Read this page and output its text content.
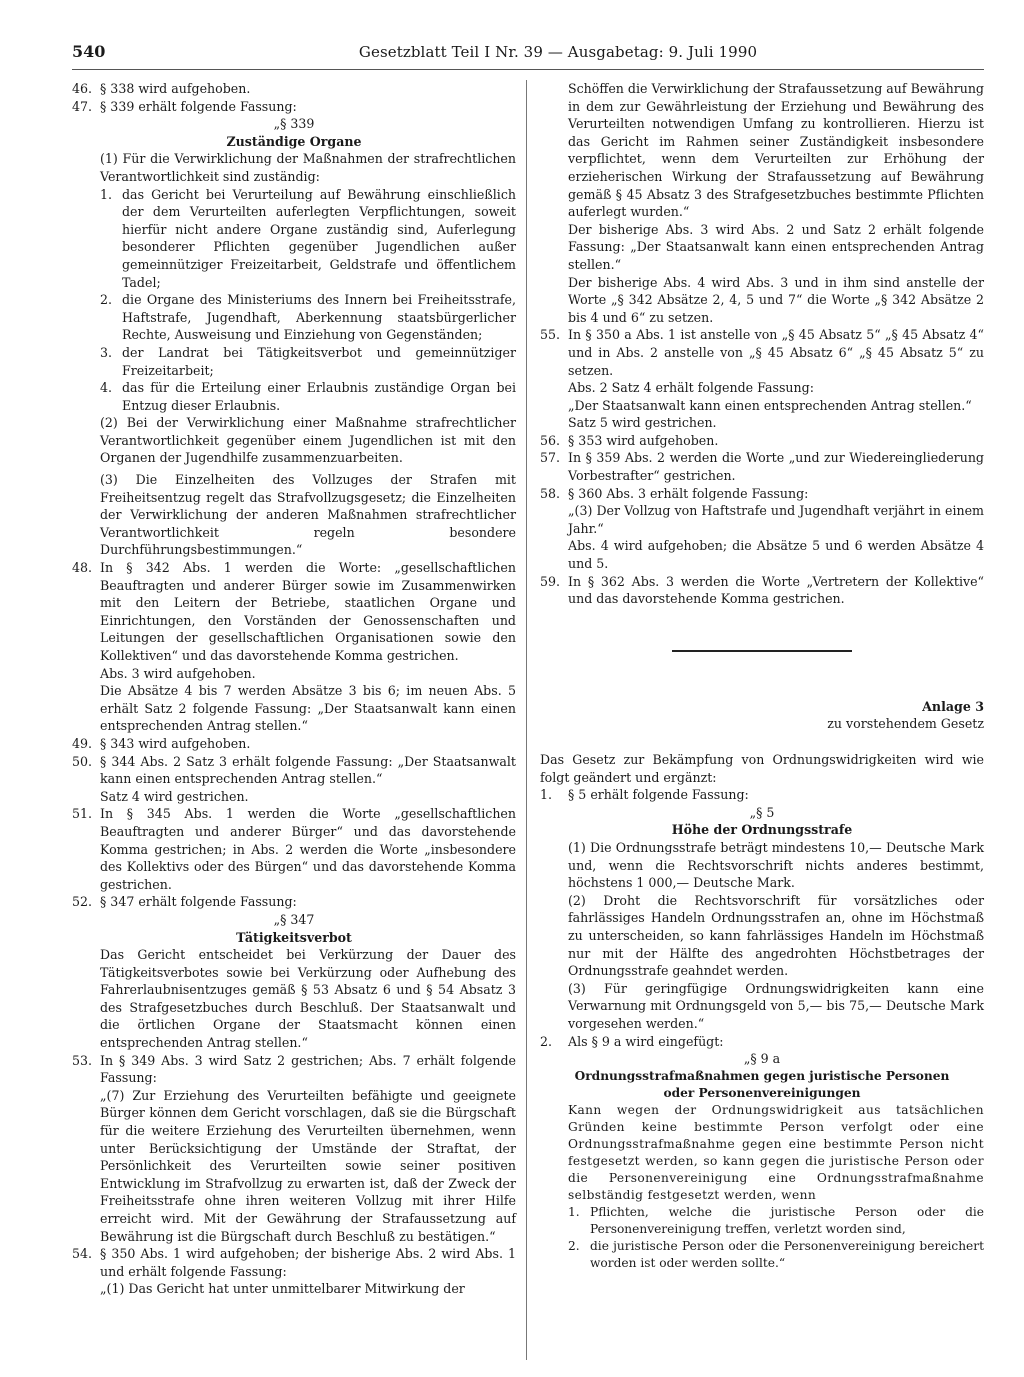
540	Gesetzblatt Teil I Nr. 39 — Ausgabetag: 9. Juli 1990
46. § 338 wird aufgehoben.
47. § 339 erhält folgende Fassung:
„§ 339
Zuständige Organe
(1) Für die Verwirklichung der Maßnahmen der strafrechtlichen Verantwortlichkeit sind zuständig:
1. das Gericht bei Verurteilung auf Bewährung einschließlich der dem Verurteilten auferlegten Verpflichtungen, soweit hierfür nicht andere Organe zuständig sind, Auferlegung besonderer Pflichten gegenüber Jugendlichen außer gemeinnütziger Freizeitarbeit, Geldstrafe und öffentlichem Tadel;
2. die Organe des Ministeriums des Innern bei Freiheitsstrafe, Haftstrafe, Jugendhaft, Aberkennung staatsbürgerlicher Rechte, Ausweisung und Einziehung von Gegenständen;
3. der Landrat bei Tätigkeitsverbot und gemeinnütziger Freizeitarbeit;
4. das für die Erteilung einer Erlaubnis zuständige Organ bei Entzug dieser Erlaubnis.
(2) Bei der Verwirklichung einer Maßnahme strafrechtlicher Verantwortlichkeit gegenüber einem Jugendlichen ist mit den Organen der Jugendhilfe zusammenzuarbeiten.
(3) Die Einzelheiten des Vollzuges der Strafen mit Freiheitsentzug regelt das Strafvollzugsgesetz; die Einzelheiten der Verwirklichung der anderen Maßnahmen strafrechtlicher Verantwortlichkeit regeln besondere Durchführungsbestimmungen.“
48. In § 342 Abs. 1 werden die Worte: „gesellschaftlichen Beauftragten und anderer Bürger sowie im Zusammenwirken mit den Leitern der Betriebe, staatlichen Organe und Einrichtungen, den Vorständen der Genossenschaften und Leitungen der gesellschaftlichen Organisationen sowie den Kollektiven“ und das davorstehende Komma gestrichen.
Abs. 3 wird aufgehoben.
Die Absätze 4 bis 7 werden Absätze 3 bis 6; im neuen Abs. 5 erhält Satz 2 folgende Fassung: „Der Staatsanwalt kann einen entsprechenden Antrag stellen.“
49. § 343 wird aufgehoben.
50. § 344 Abs. 2 Satz 3 erhält folgende Fassung: „Der Staatsanwalt kann einen entsprechenden Antrag stellen.“
Satz 4 wird gestrichen.
51. In § 345 Abs. 1 werden die Worte „gesellschaftlichen Beauftragten und anderer Bürger“ und das davorstehende Komma gestrichen; in Abs. 2 werden die Worte „insbesondere des Kollektivs oder des Bürgen“ und das davorstehende Komma gestrichen.
52. § 347 erhält folgende Fassung:
„§ 347
Tätigkeitsverbot
Das Gericht entscheidet bei Verkürzung der Dauer des Tätigkeitsverbotes sowie bei Verkürzung oder Aufhebung des Fahrerlaubnisentzuges gemäß § 53 Absatz 6 und § 54 Absatz 3 des Strafgesetzbuches durch Beschluß. Der Staatsanwalt und die örtlichen Organe der Staatsmacht können einen entsprechenden Antrag stellen.“
53. In § 349 Abs. 3 wird Satz 2 gestrichen; Abs. 7 erhält folgende Fassung:
„(7) Zur Erziehung des Verurteilten befähigte und geeignete Bürger können dem Gericht vorschlagen, daß sie die Bürgschaft für die weitere Erziehung des Verurteilten übernehmen, wenn unter Berücksichtigung der Umstände der Straftat, der Persönlichkeit des Verurteilten sowie seiner positiven Entwicklung im Strafvollzug zu erwarten ist, daß der Zweck der Freiheitsstrafe ohne ihren weiteren Vollzug mit ihrer Hilfe erreicht wird. Mit der Gewährung der Strafaussetzung auf Bewährung ist die Bürgschaft durch Beschluß zu bestätigen.“
54. § 350 Abs. 1 wird aufgehoben; der bisherige Abs. 2 wird Abs. 1 und erhält folgende Fassung:
„(1) Das Gericht hat unter unmittelbarer Mitwirkung der
Schöffen die Verwirklichung der Strafaussetzung auf Bewährung in dem zur Gewährleistung der Erziehung und Bewährung des Verurteilten notwendigen Umfang zu kontrollieren. Hierzu ist das Gericht im Rahmen seiner Zuständigkeit insbesondere verpflichtet, wenn dem Verurteilten zur Erhöhung der erzieherischen Wirkung der Strafaussetzung auf Bewährung gemäß § 45 Absatz 3 des Strafgesetzbuches bestimmte Pflichten auferlegt wurden.“
Der bisherige Abs. 3 wird Abs. 2 und Satz 2 erhält folgende Fassung: „Der Staatsanwalt kann einen entsprechenden Antrag stellen.“
Der bisherige Abs. 4 wird Abs. 3 und in ihm sind anstelle der Worte „§ 342 Absätze 2, 4, 5 und 7“ die Worte „§ 342 Absätze 2 bis 4 und 6“ zu setzen.
55. In § 350 a Abs. 1 ist anstelle von „§ 45 Absatz 5“ „§ 45 Absatz 4“ und in Abs. 2 anstelle von „§ 45 Absatz 6“ „§ 45 Absatz 5“ zu setzen.
Abs. 2 Satz 4 erhält folgende Fassung:
„Der Staatsanwalt kann einen entsprechenden Antrag stellen.“
Satz 5 wird gestrichen.
56. § 353 wird aufgehoben.
57. In § 359 Abs. 2 werden die Worte „und zur Wiedereingliederung Vorbestrafter“ gestrichen.
58. § 360 Abs. 3 erhält folgende Fassung:
„(3) Der Vollzug von Haftstrafe und Jugendhaft verjährt in einem Jahr.“
Abs. 4 wird aufgehoben; die Absätze 5 und 6 werden Absätze 4 und 5.
59. In § 362 Abs. 3 werden die Worte „Vertretern der Kollektive“ und das davorstehende Komma gestrichen.
Anlage 3
zu vorstehendem Gesetz
Das Gesetz zur Bekämpfung von Ordnungswidrigkeiten wird wie folgt geändert und ergänzt:
1.	§ 5 erhält folgende Fassung:
„§ 5
Höhe der Ordnungsstrafe
(1) Die Ordnungsstrafe beträgt mindestens 10,— Deutsche Mark und, wenn die Rechtsvorschrift nichts anderes bestimmt, höchstens 1 000,— Deutsche Mark.
(2) Droht die Rechtsvorschrift für vorsätzliches oder fahrlässiges Handeln Ordnungsstrafen an, ohne im Höchstmaß zu unterscheiden, so kann fahrlässiges Handeln im Höchstmaß nur mit der Hälfte des angedrohten Höchstbetrages der Ordnungsstrafe geahndet werden.
(3) Für geringfügige Ordnungswidrigkeiten kann eine Verwarnung mit Ordnungsgeld von 5,— bis 75,— Deutsche Mark vorgesehen werden.“
2.	Als § 9 a wird eingefügt:
„§ 9 a
Ordnungsstrafmaßnahmen gegen juristische Personen
oder Personenvereinigungen
Kann wegen der Ordnungswidrigkeit aus tatsächlichen Gründen keine bestimmte Person verfolgt oder eine Ordnungsstrafmaßnahme gegen eine bestimmte Person nicht festgesetzt werden, so kann gegen die juristische Person oder die Personenvereinigung eine Ordnungsstrafmaßnahme selbständig festgesetzt werden, wenn
1. Pflichten, welche die juristische Person oder die Personenvereinigung treffen, verletzt worden sind,
2. die juristische Person oder die Personenvereinigung bereichert worden ist oder werden sollte.“
